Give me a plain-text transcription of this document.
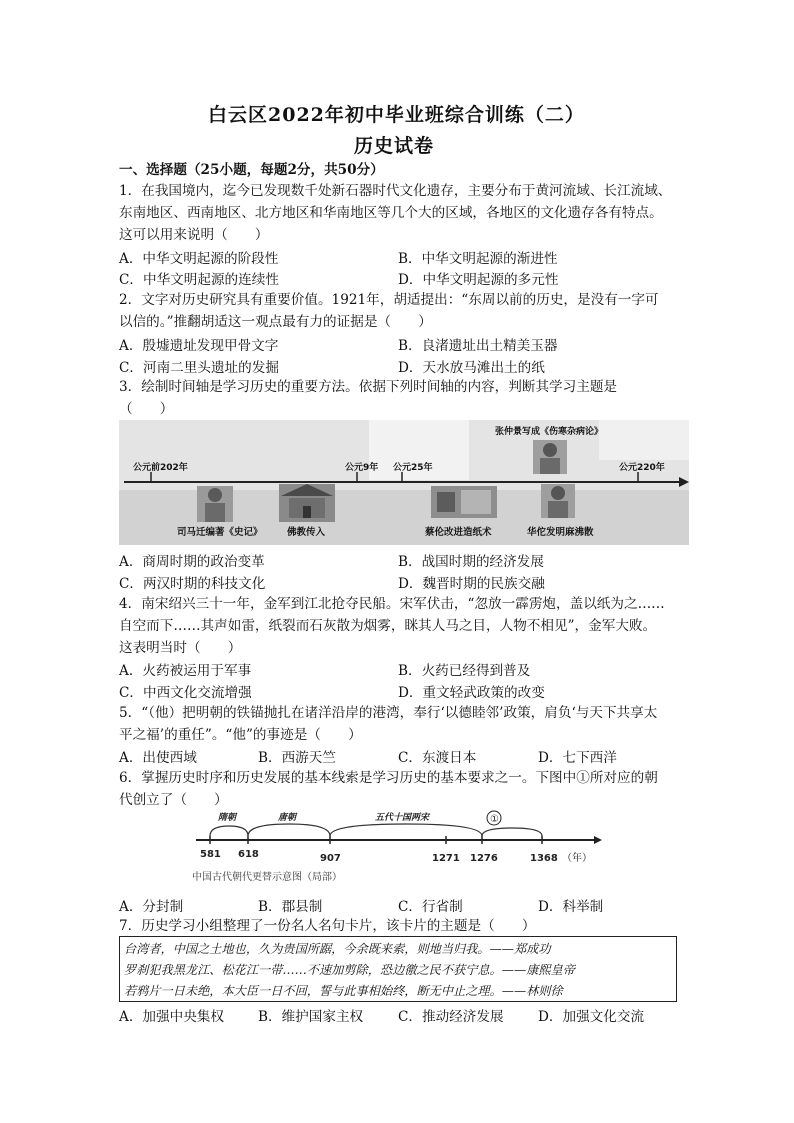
白云区2022年初中毕业班综合训练（二）
历史试卷
一、选择题（25小题，每题2分，共50分）
1．在我国境内，迄今已发现数千处新石器时代文化遗存，主要分布于黄河流域、长江流域、
东南地区、西南地区、北方地区和华南地区等几个大的区域，各地区的文化遗存各有特点。
这可以用来说明（　　）
A．中华文明起源的阶段性	B．中华文明起源的渐进性
C．中华文明起源的连续性	D．中华文明起源的多元性
2．文字对历史研究具有重要价值。1921年，胡适提出：“东周以前的历史，是没有一字可
以信的。”推翻胡适这一观点最有力的证据是（　　）
A．殷墟遗址发现甲骨文字	B．良渚遗址出土精美玉器
C．河南二里头遗址的发掘	D．天水放马滩出土的纸
3．绘制时间轴是学习历史的重要方法。依据下列时间轴的内容，判断其学习主题是
（　　）
公元前202年	公元9年 公元25年	公元220年
司马迁编著《史记》	佛教传入	蔡伦改进造纸术	华佗发明麻沸散
张仲景写成《伤寒杂病论》
A．商周时期的政治变革	B．战国时期的经济发展
C．两汉时期的科技文化	D．魏晋时期的民族交融
4．南宋绍兴三十一年，金军到江北抢夺民船。宋军伏击，“忽放一霹雳炮，盖以纸为之……
自空而下……其声如雷，纸裂而石灰散为烟雾，眯其人马之目，人物不相见”，金军大败。
这表明当时（　　）
A．火药被运用于军事	B．火药已经得到普及
C．中西文化交流增强	D．重文轻武政策的改变
5．“（他）把明朝的铁锚抛扎在诸洋沿岸的港湾，奉行‘以德睦邻’政策，肩负‘与天下共享太
平之福’的重任”。“他”的事迹是（　　）
A．出使西域	B．西游天竺	C．东渡日本	D．七下西洋
6．掌握历史时序和历史发展的基本线索是学习历史的基本要求之一。下图中①所对应的朝
代创立了（　　）
隋朝	唐朝	五代十国两宋	①
581 618	907	1271 1276	1368 （年）
中国古代朝代更替示意图（局部）
A．分封制	B．郡县制	C．行省制	D．科举制
7．历史学习小组整理了一份名人名句卡片，该卡片的主题是（　　）
台湾者，中国之土地也，久为贵国所踞，今余既来索，则地当归我。——郑成功
罗刹犯我黑龙江、松花江一带……不速加剪除，恐边徼之民不获宁息。——康熙皇帝
若鸦片一日未绝，本大臣一日不回，誓与此事相始终，断无中止之理。——林则徐
A．加强中央集权	B．维护国家主权	C．推动经济发展	D．加强文化交流
